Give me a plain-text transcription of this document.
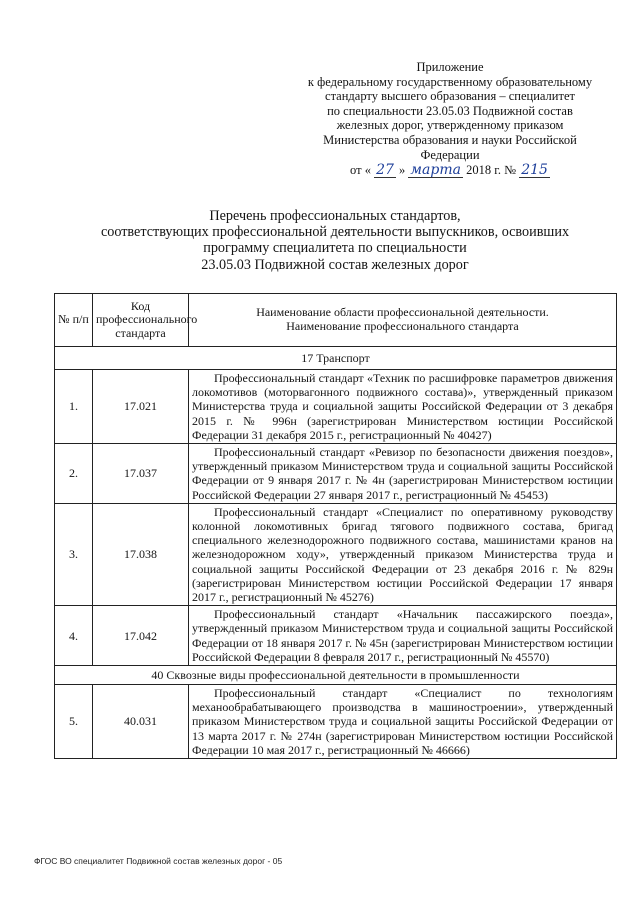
Приложение
к федеральному государственному образовательному
стандарту высшего образования – специалитет
по специальности 23.05.03 Подвижной состав
железных дорог, утвержденному приказом
Министерства образования и науки Российской
Федерации
от « 27 » марта 2018 г. № 215
Перечень профессиональных стандартов,
соответствующих профессиональной деятельности выпускников, освоивших
программу специалитета по специальности
23.05.03 Подвижной состав железных дорог
№ п/п	Код профессионального стандарта	Наименование области профессиональной деятельности.
Наименование профессионального стандарта
17 Транспорт		
1.	17.021	Профессиональный стандарт «Техник по расшифровке параметров движения локомотивов (моторвагонного подвижного состава)», утвержденный приказом Министерства труда и социальной защиты Российской Федерации от 3 декабря 2015 г. № 996н (зарегистрирован Министерством юстиции Российской Федерации 31 декабря 2015 г., регистрационный № 40427)
2.	17.037	Профессиональный стандарт «Ревизор по безопасности движения поездов», утвержденный приказом Министерством труда и социальной защиты Российской Федерации от 9 января 2017 г. № 4н (зарегистрирован Министерством юстиции Российской Федерации 27 января 2017 г., регистрационный № 45453)
3.	17.038	Профессиональный стандарт «Специалист по оперативному руководству колонной локомотивных бригад тягового подвижного состава, бригад специального железнодорожного подвижного состава, машинистами кранов на железнодорожном ходу», утвержденный приказом Министерства труда и социальной защиты Российской Федерации от 23 декабря 2016 г. № 829н (зарегистрирован Министерством юстиции Российской Федерации 17 января 2017 г., регистрационный № 45276)
4.	17.042	Профессиональный стандарт «Начальник пассажирского поезда», утвержденный приказом Министерством труда и социальной защиты Российской Федерации от 18 января 2017 г. № 45н (зарегистрирован Министерством юстиции Российской Федерации 8 февраля 2017 г., регистрационный № 45570)
40 Сквозные виды профессиональной деятельности в промышленности		
5.	40.031	Профессиональный стандарт «Специалист по технологиям механообрабатывающего производства в машиностроении», утвержденный приказом Министерством труда и социальной защиты Российской Федерации от 13 марта 2017 г. № 274н (зарегистрирован Министерством юстиции Российской Федерации 10 мая 2017 г., регистрационный № 46666)
ФГОС ВО специалитет Подвижной состав железных дорог - 05
